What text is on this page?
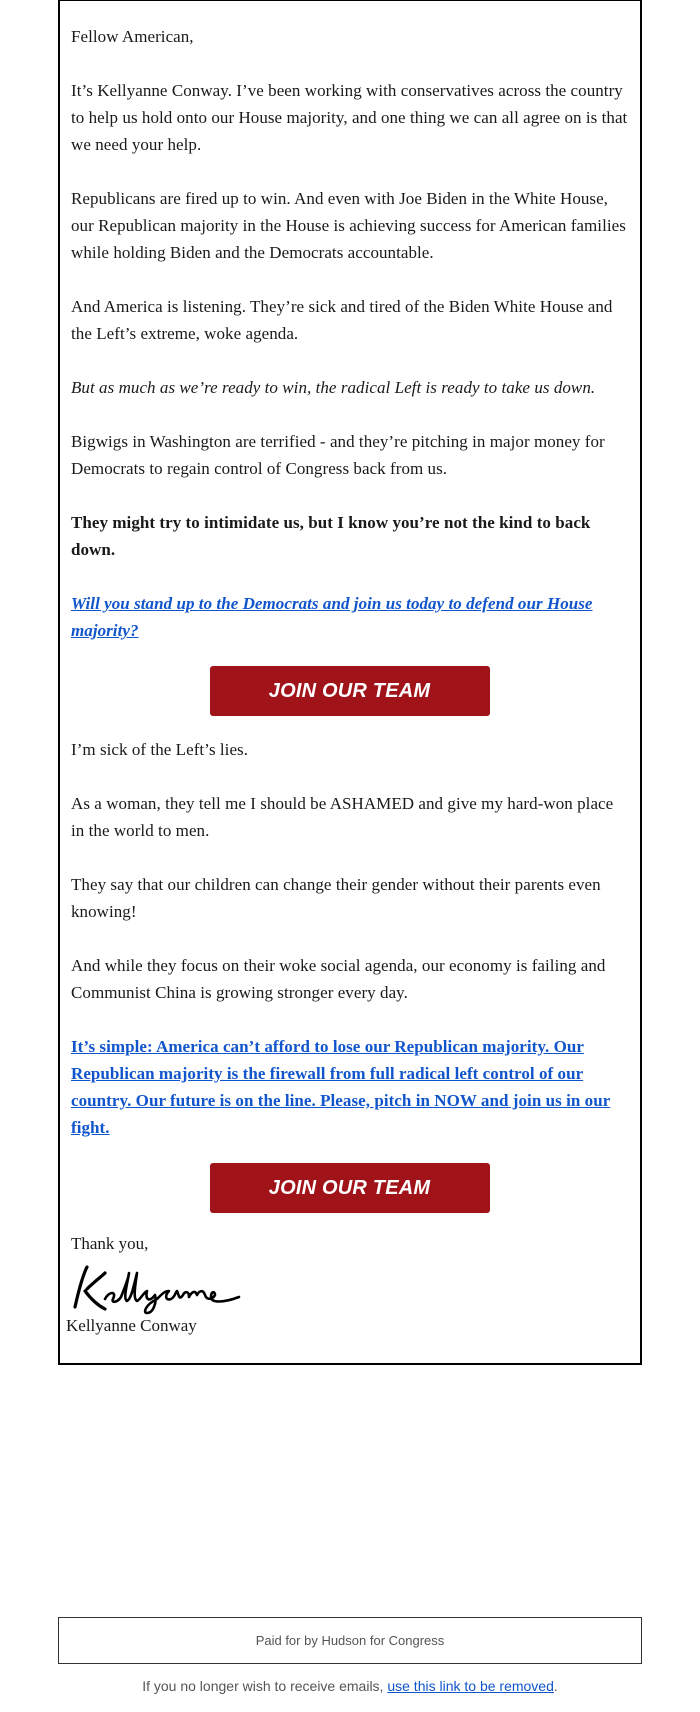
Fellow American,

It’s Kellyanne Conway. I’ve been working with conservatives across the country to help us hold onto our House majority, and one thing we can all agree on is that we need your help.

Republicans are fired up to win. And even with Joe Biden in the White House, our Republican majority in the House is achieving success for American families while holding Biden and the Democrats accountable.

And America is listening. They’re sick and tired of the Biden White House and the Left’s extreme, woke agenda.

But as much as we’re ready to win, the radical Left is ready to take us down.

Bigwigs in Washington are terrified - and they’re pitching in major money for Democrats to regain control of Congress back from us.

They might try to intimidate us, but I know you’re not the kind to back down.

Will you stand up to the Democrats and join us today to defend our House majority?
JOIN OUR TEAM

I’m sick of the Left’s lies.

As a woman, they tell me I should be ASHAMED and give my hard-won place in the world to men.

They say that our children can change their gender without their parents even knowing!

And while they focus on their woke social agenda, our economy is failing and Communist China is growing stronger every day.

It’s simple: America can’t afford to lose our Republican majority. Our Republican majority is the firewall from full radical left control of our country. Our future is on the line. Please, pitch in NOW and join us in our fight.
JOIN OUR TEAM

Thank you,

Kellyanne Conway

Paid for by Hudson for Congress
If you no longer wish to receive emails, use this link to be removed.
